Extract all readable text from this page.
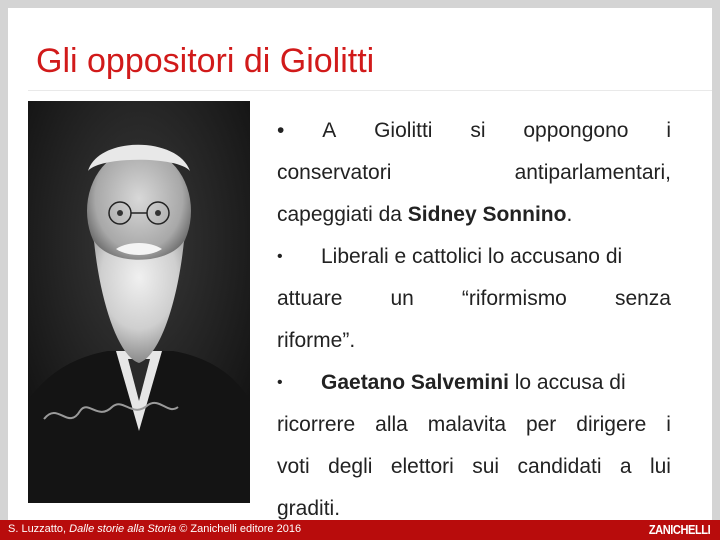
Gli oppositori di Giolitti
• A Giolitti si oppongono i
conservatori	antiparlamentari,

capeggiati da Sidney Sonnino.

• Liberali e cattolici lo accusano di

attuare un “riformismo senza

riforme”.

• Gaetano Salvemini lo accusa di

ricorrere alla malavita per dirigere i
voti degli elettori sui candidati a lui

graditi.

S. Luzzatto, Dalle storie alla Storia © Zanichelli editore 2016	ZANICHELLI
